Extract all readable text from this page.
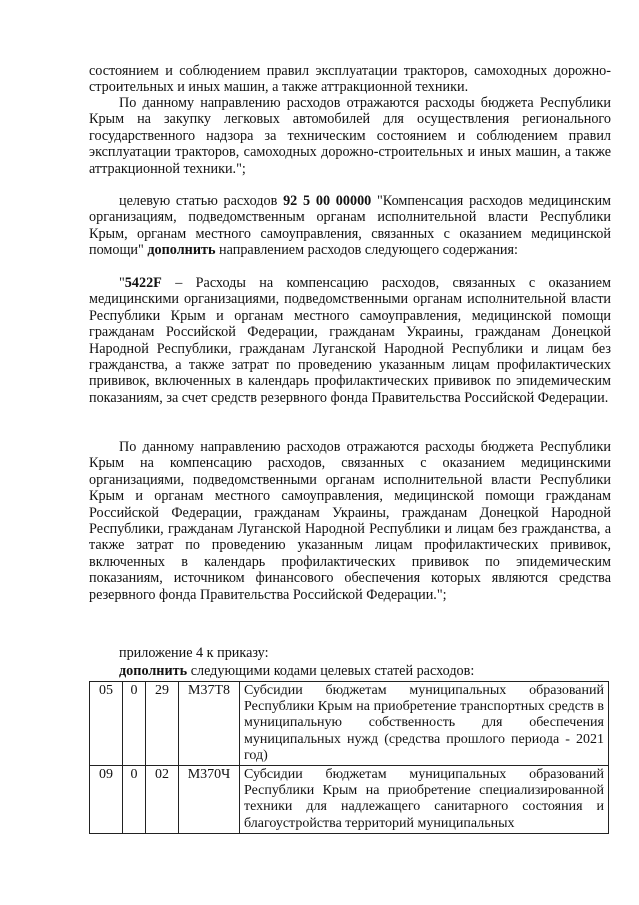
состоянием и соблюдением правил эксплуатации тракторов, самоходных дорожно-строительных и иных машин, а также аттракционной техники.

По данному направлению расходов отражаются расходы бюджета Республики Крым на закупку легковых автомобилей для осуществления регионального государственного надзора за техническим состоянием и соблюдением правил эксплуатации тракторов, самоходных дорожно-строительных и иных машин, а также аттракционной техники.";

целевую статью расходов 92 5 00 00000 "Компенсация расходов медицинским организациям, подведомственным органам исполнительной власти Республики Крым, органам местного самоуправления, связанных с оказанием медицинской помощи" дополнить направлением расходов следующего содержания:

"5422F – Расходы на компенсацию расходов, связанных с оказанием медицинскими организациями, подведомственными органам исполнительной власти Республики Крым и органам местного самоуправления, медицинской помощи гражданам Российской Федерации, гражданам Украины, гражданам Донецкой Народной Республики, гражданам Луганской Народной Республики и лицам без гражданства, а также затрат по проведению указанным лицам профилактических прививок, включенных в календарь профилактических прививок по эпидемическим показаниям, за счет средств резервного фонда Правительства Российской Федерации.

По данному направлению расходов отражаются расходы бюджета Республики Крым на компенсацию расходов, связанных с оказанием медицинскими организациями, подведомственными органам исполнительной власти Республики Крым и органам местного самоуправления, медицинской помощи гражданам Российской Федерации, гражданам Украины, гражданам Донецкой Народной Республики, гражданам Луганской Народной Республики и лицам без гражданства, а также затрат по проведению указанным лицам профилактических прививок, включенных в календарь профилактических прививок по эпидемическим показаниям, источником финансового обеспечения которых являются средства резервного фонда Правительства Российской Федерации.";

приложение 4 к приказу:

дополнить следующими кодами целевых статей расходов:

05	0	29	М37Т8	Субсидии бюджетам муниципальных образований Республики Крым на приобретение транспортных средств в муниципальную собственность для обеспечения муниципальных нужд (средства прошлого периода - 2021 год)
09	0	02	М370Ч	Субсидии бюджетам муниципальных образований Республики Крым на приобретение специализированной техники для надлежащего санитарного состояния и благоустройства территорий муниципальных
